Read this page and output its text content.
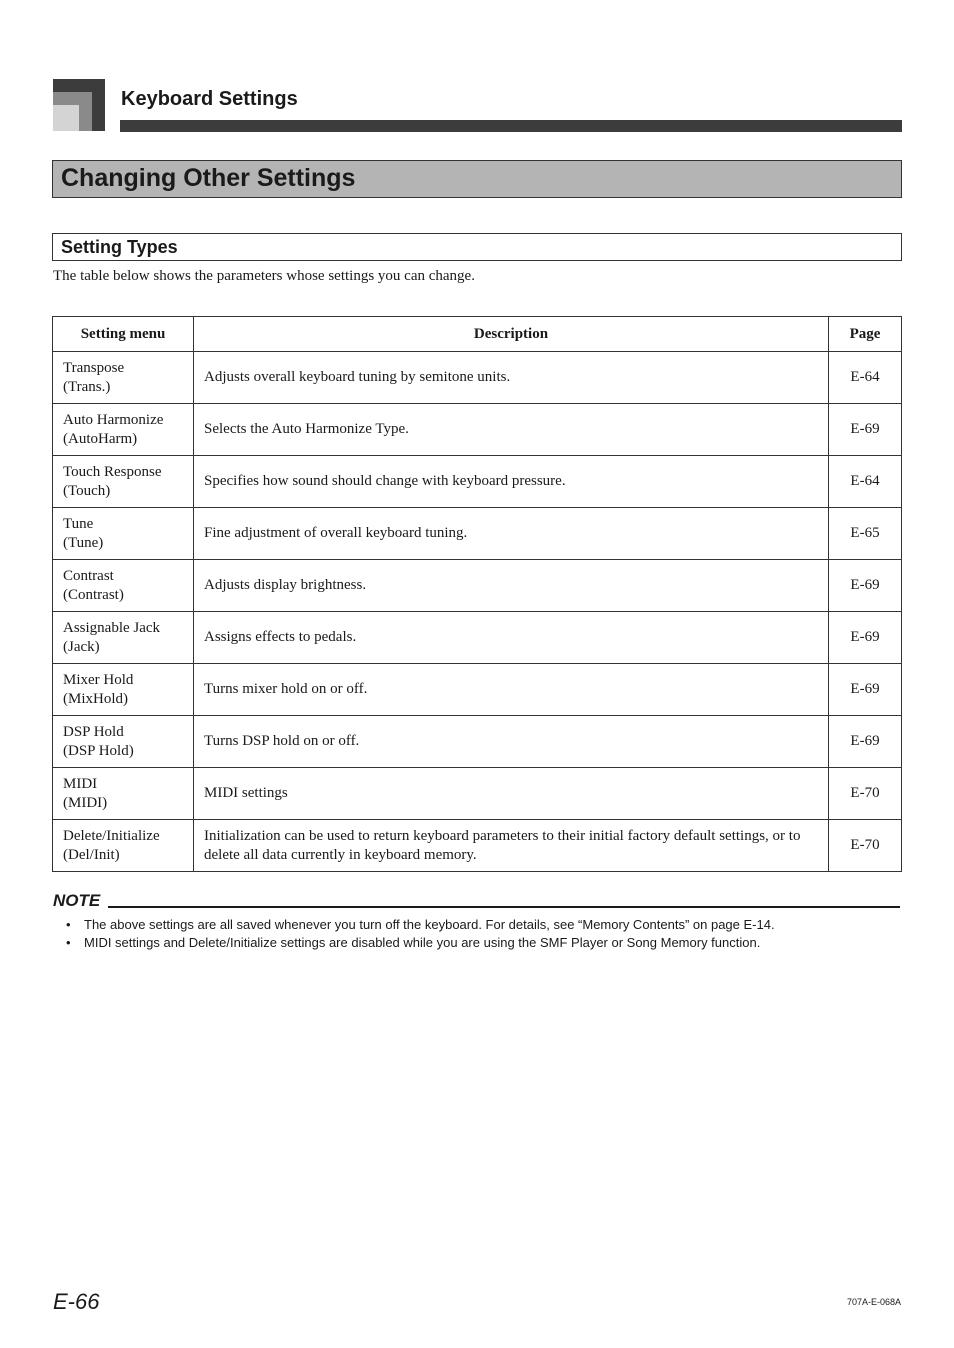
Keyboard Settings
Changing Other Settings
Setting Types
The table below shows the parameters whose settings you can change.
Setting menu	Description	Page

Transpose
(Trans.)	Adjusts overall keyboard tuning by semitone units.	E-64

Auto Harmonize
(AutoHarm)	Selects the Auto Harmonize Type.	E-69

Touch Response
(Touch)	Specifies how sound should change with keyboard pressure.	E-64

Tune
(Tune)	Fine adjustment of overall keyboard tuning.	E-65

Contrast
(Contrast)	Adjusts display brightness.	E-69

Assignable Jack
(Jack)	Assigns effects to pedals.	E-69

Mixer Hold
(MixHold)	Turns mixer hold on or off.	E-69

DSP Hold
(DSP Hold)	Turns DSP hold on or off.	E-69

MIDI
(MIDI)	MIDI settings	E-70

Delete/Initialize
(Del/Init)	Initialization can be used to return keyboard parameters to their initial factory default settings, or to delete all data currently in keyboard memory.	E-70
NOTE
• The above settings are all saved whenever you turn off the keyboard. For details, see “Memory Contents” on page E-14.
• MIDI settings and Delete/Initialize settings are disabled while you are using the SMF Player or Song Memory function.
E-66	707A-E-068A
